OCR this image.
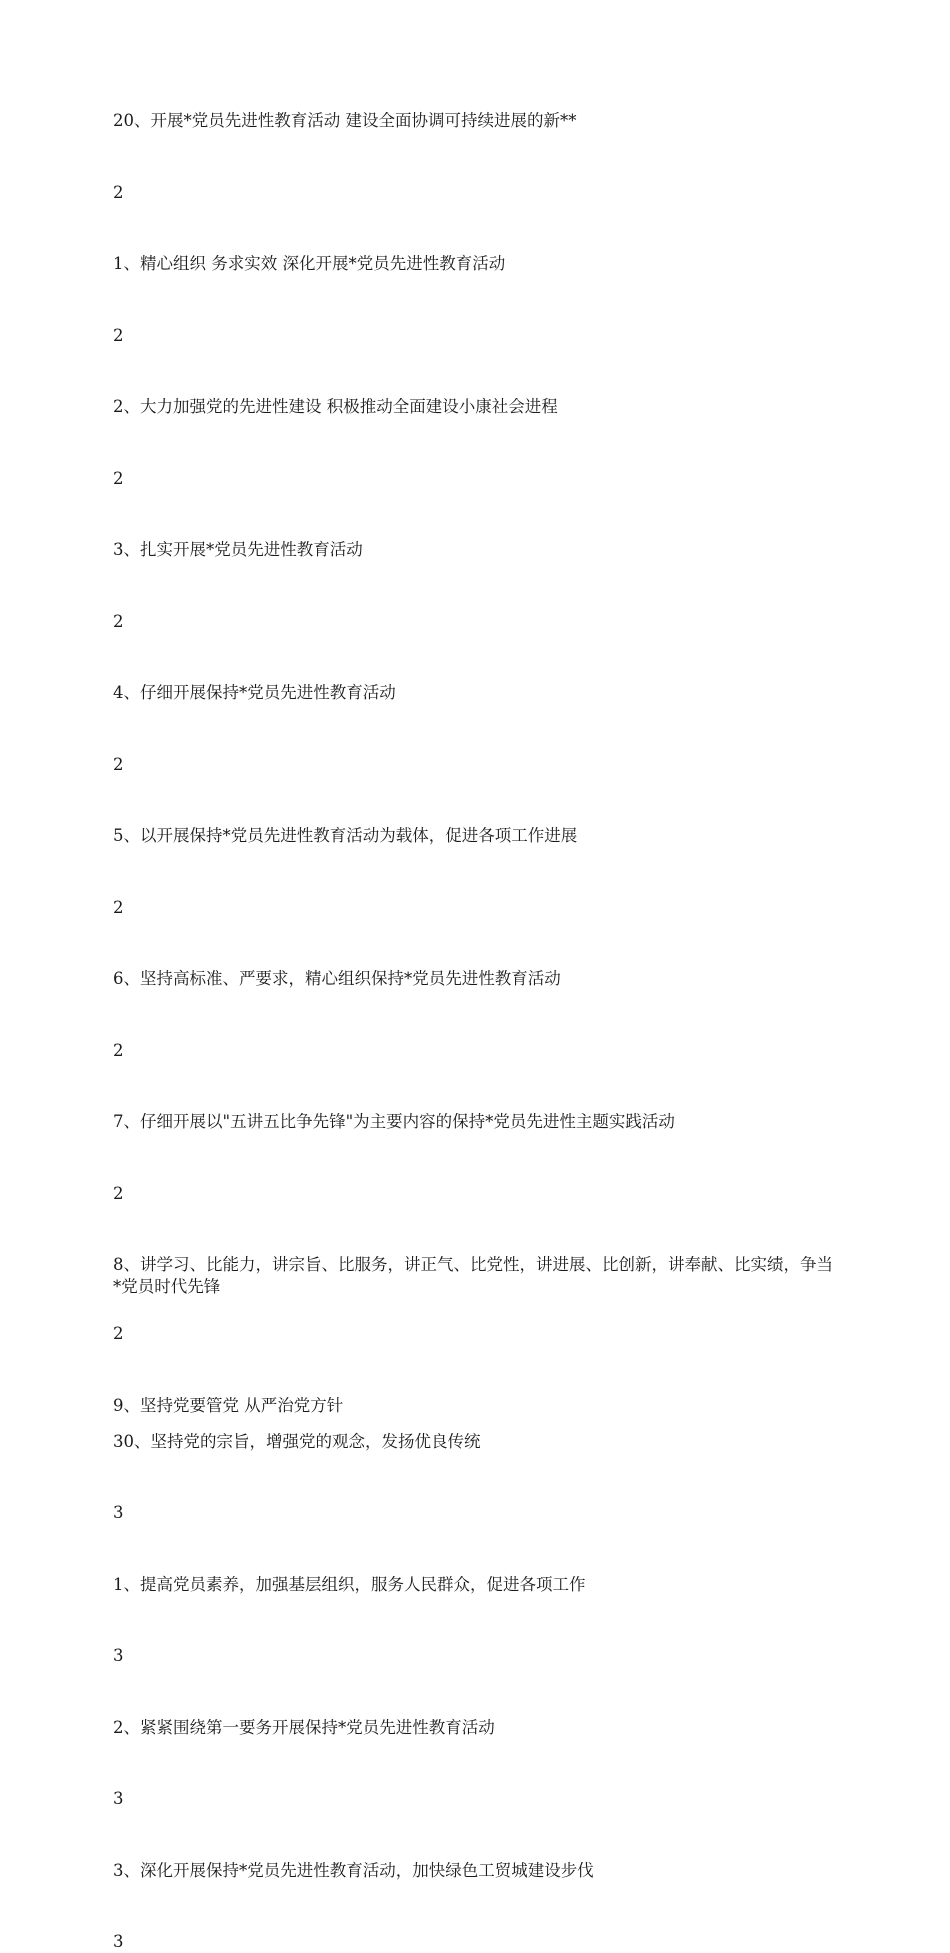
20、开展*党员先进性教育活动 建设全面协调可持续进展的新**

2

1、精心组织 务求实效 深化开展*党员先进性教育活动

2

2、大力加强党的先进性建设 积极推动全面建设小康社会进程

2

3、扎实开展*党员先进性教育活动

2

4、仔细开展保持*党员先进性教育活动

2

5、以开展保持*党员先进性教育活动为载体，促进各项工作进展

2

6、坚持高标准、严要求，精心组织保持*党员先进性教育活动

2

7、仔细开展以"五讲五比争先锋"为主要内容的保持*党员先进性主题实践活动

2

8、讲学习、比能力，讲宗旨、比服务，讲正气、比党性，讲进展、比创新，讲奉献、比实绩，争当*党员时代先锋

2

9、坚持党要管党 从严治党方针

30、坚持党的宗旨，增强党的观念，发扬优良传统

3

1、提高党员素养，加强基层组织，服务人民群众，促进各项工作

3

2、紧紧围绕第一要务开展保持*党员先进性教育活动

3

3、深化开展保持*党员先进性教育活动，加快绿色工贸城建设步伐

3
